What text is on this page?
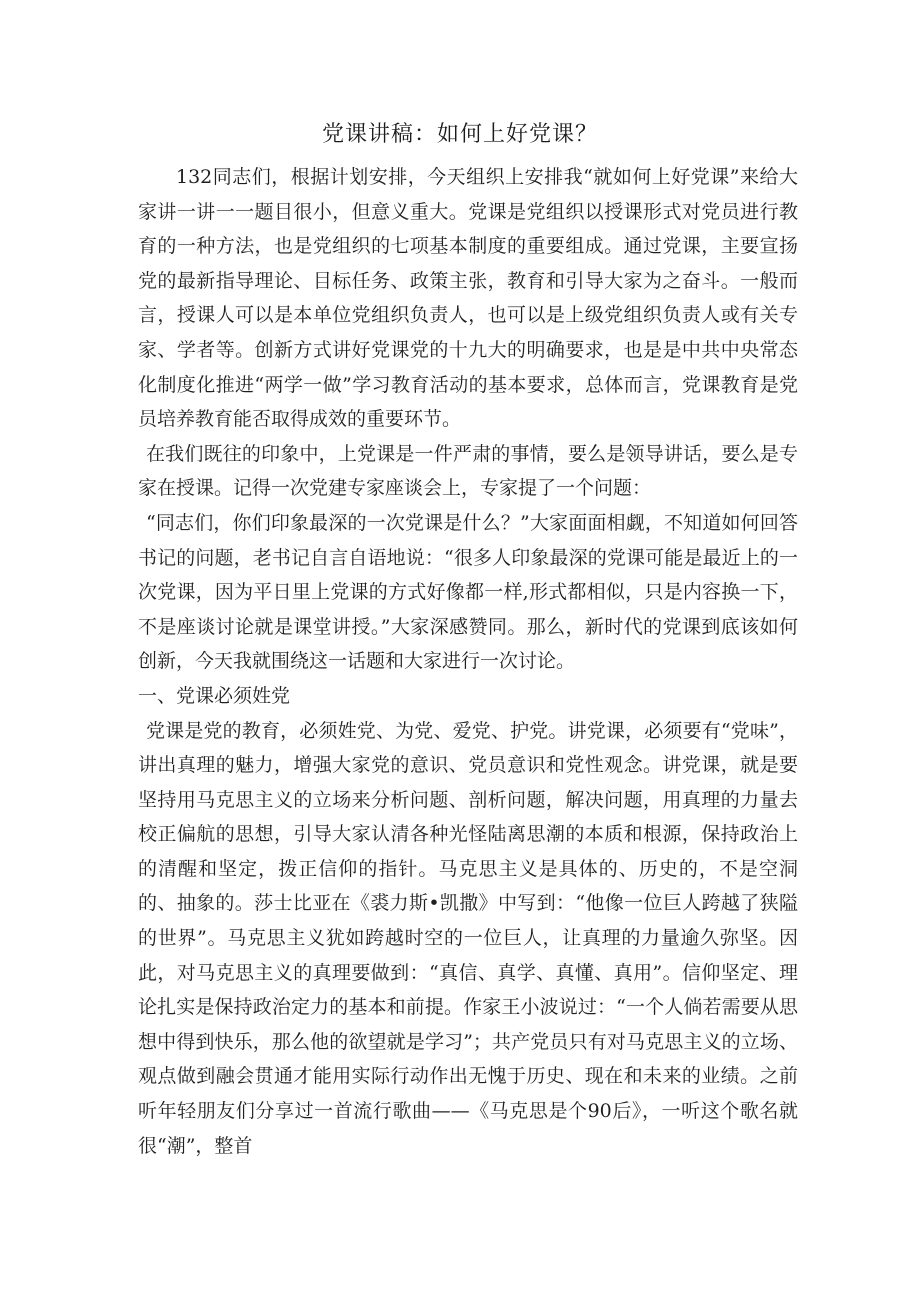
党课讲稿：如何上好党课？

132同志们，根据计划安排，今天组织上安排我“就如何上好党课”来给大家讲一讲一一题目很小，但意义重大。党课是党组织以授课形式对党员进行教育的一种方法，也是党组织的七项基本制度的重要组成。通过党课，主要宣扬党的最新指导理论、目标任务、政策主张，教育和引导大家为之奋斗。一般而言，授课人可以是本单位党组织负责人，也可以是上级党组织负责人或有关专家、学者等。创新方式讲好党课党的十九大的明确要求，也是是中共中央常态化制度化推进“两学一做”学习教育活动的基本要求，总体而言，党课教育是党员培养教育能否取得成效的重要环节。

在我们既往的印象中，上党课是一件严肃的事情，要么是领导讲话，要么是专家在授课。记得一次党建专家座谈会上，专家提了一个问题：

“同志们，你们印象最深的一次党课是什么？”大家面面相觑，不知道如何回答书记的问题，老书记自言自语地说：“很多人印象最深的党课可能是最近上的一次党课，因为平日里上党课的方式好像都一样,形式都相似，只是内容换一下，不是座谈讨论就是课堂讲授。”大家深感赞同。那么，新时代的党课到底该如何创新，今天我就围绕这一话题和大家进行一次讨论。

一、党课必须姓党

党课是党的教育，必须姓党、为党、爱党、护党。讲党课，必须要有“党味”，讲出真理的魅力，增强大家党的意识、党员意识和党性观念。讲党课，就是要坚持用马克思主义的立场来分析问题、剖析问题，解决问题，用真理的力量去校正偏航的思想，引导大家认清各种光怪陆离思潮的本质和根源，保持政治上的清醒和坚定，拨正信仰的指针。马克思主义是具体的、历史的，不是空洞的、抽象的。莎士比亚在《裘力斯•凯撒》中写到：“他像一位巨人跨越了狭隘的世界”。马克思主义犹如跨越时空的一位巨人，让真理的力量逾久弥坚。因此，对马克思主义的真理要做到：“真信、真学、真懂、真用”。信仰坚定、理论扎实是保持政治定力的基本和前提。作家王小波说过：“一个人倘若需要从思想中得到快乐，那么他的欲望就是学习”；共产党员只有对马克思主义的立场、观点做到融会贯通才能用实际行动作出无愧于历史、现在和未来的业绩。之前听年轻朋友们分享过一首流行歌曲——《马克思是个90后》，一听这个歌名就很“潮”，整首
